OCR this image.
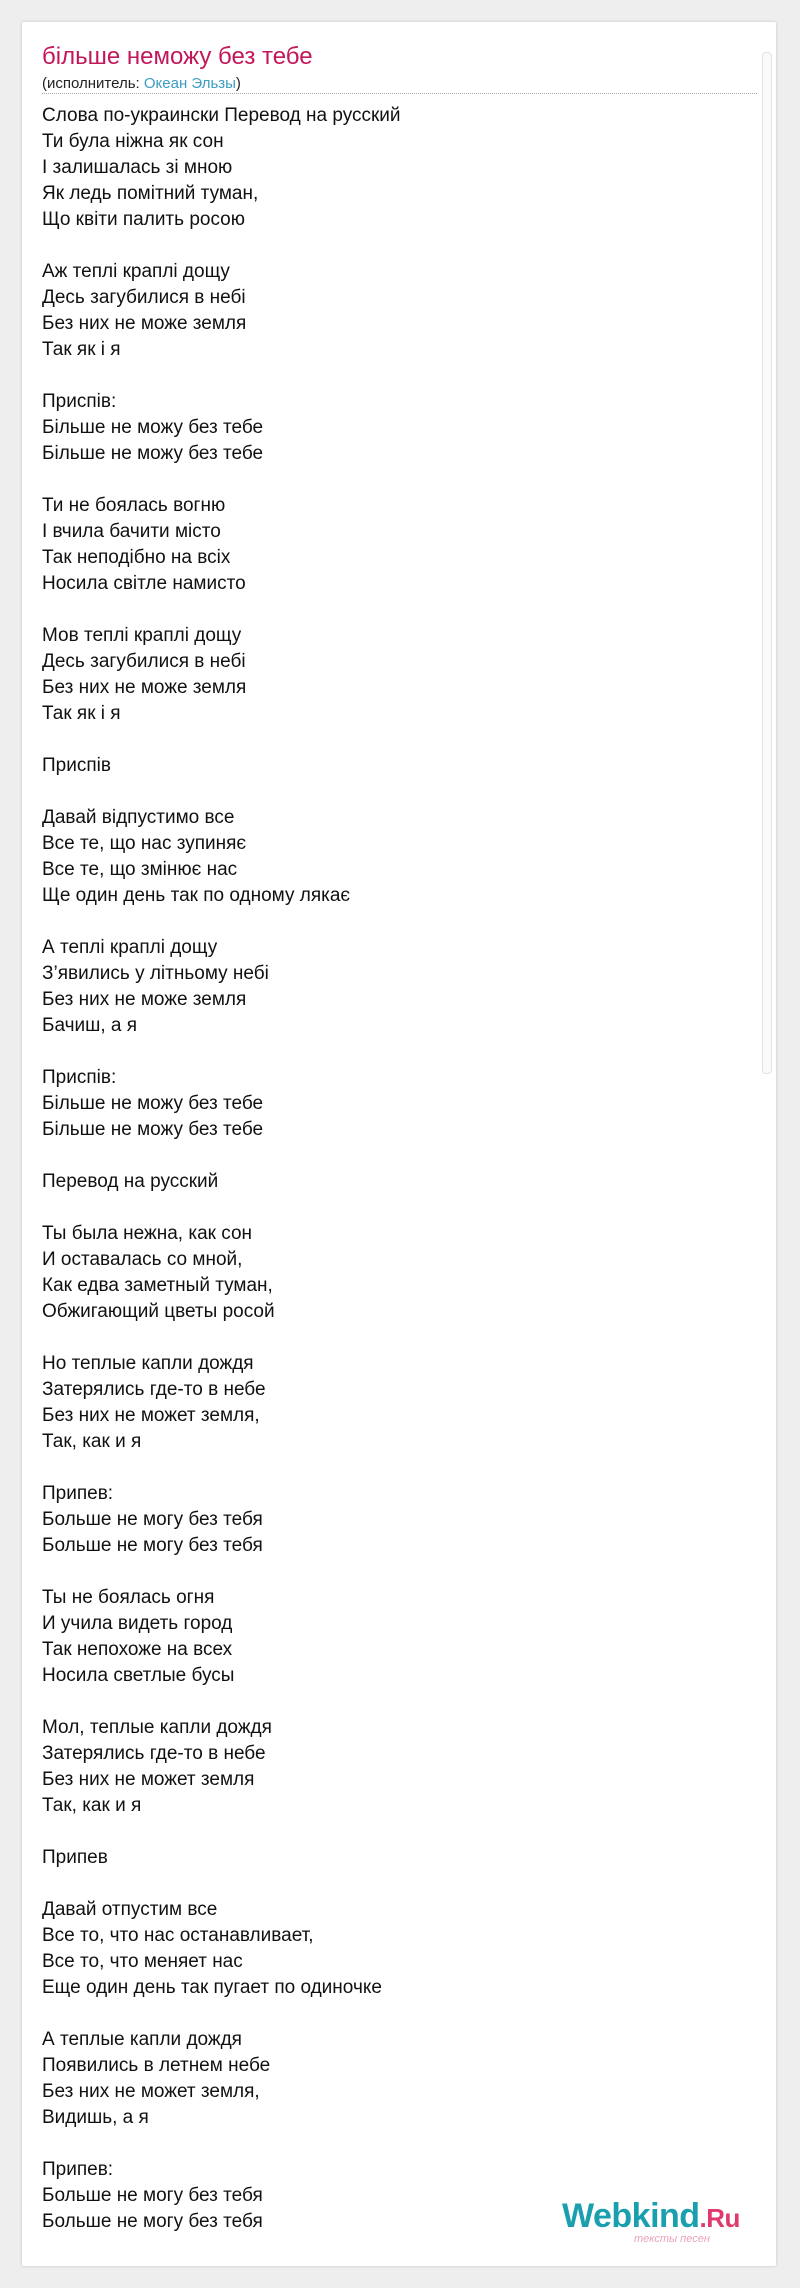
більше неможу без тебе
(исполнитель: Океан Эльзы)
Слова по-украински Перевод на русский
Ти була ніжна як сон
І залишалась зі мною
Як ледь помітний туман,
Що квіти палить росою
Аж теплі краплі дощу
Десь загубилися в небі
Без них не може земля
Так як і я
Приспів:
Більше не можу без тебе
Більше не можу без тебе
Ти не боялась вогню
І вчила бачити місто
Так неподібно на всіх
Носила світле намисто
Мов теплі краплі дощу
Десь загубилися в небі
Без них не може земля
Так як і я
Приспів
Давай відпустимо все
Все те, що нас зупиняє
Все те, що змінює нас
Ще один день так по одному лякає
А теплі краплі дощу
З’явились у літньому небі
Без них не може земля
Бачиш, а я
Приспів:
Більше не можу без тебе
Більше не можу без тебе
Перевод на русский
Ты была нежна, как сон
И оставалась со мной,
Как едва заметный туман,
Обжигающий цветы росой
Но теплые капли дождя
Затерялись где-то в небе
Без них не может земля,
Так, как и я
Припев:
Больше не могу без тебя
Больше не могу без тебя
Ты не боялась огня
И учила видеть город
Так непохоже на всех
Носила светлые бусы
Мол, теплые капли дождя
Затерялись где-то в небе
Без них не может земля
Так, как и я
Припев
Давай отпустим все
Все то, что нас останавливает,
Все то, что меняет нас
Еще один день так пугает по одиночке
А теплые капли дождя
Появились в летнем небе
Без них не может земля,
Видишь, а я
Припев:
Больше не могу без тебя
Больше не могу без тебя	Webkind.Ru
тексты песен
